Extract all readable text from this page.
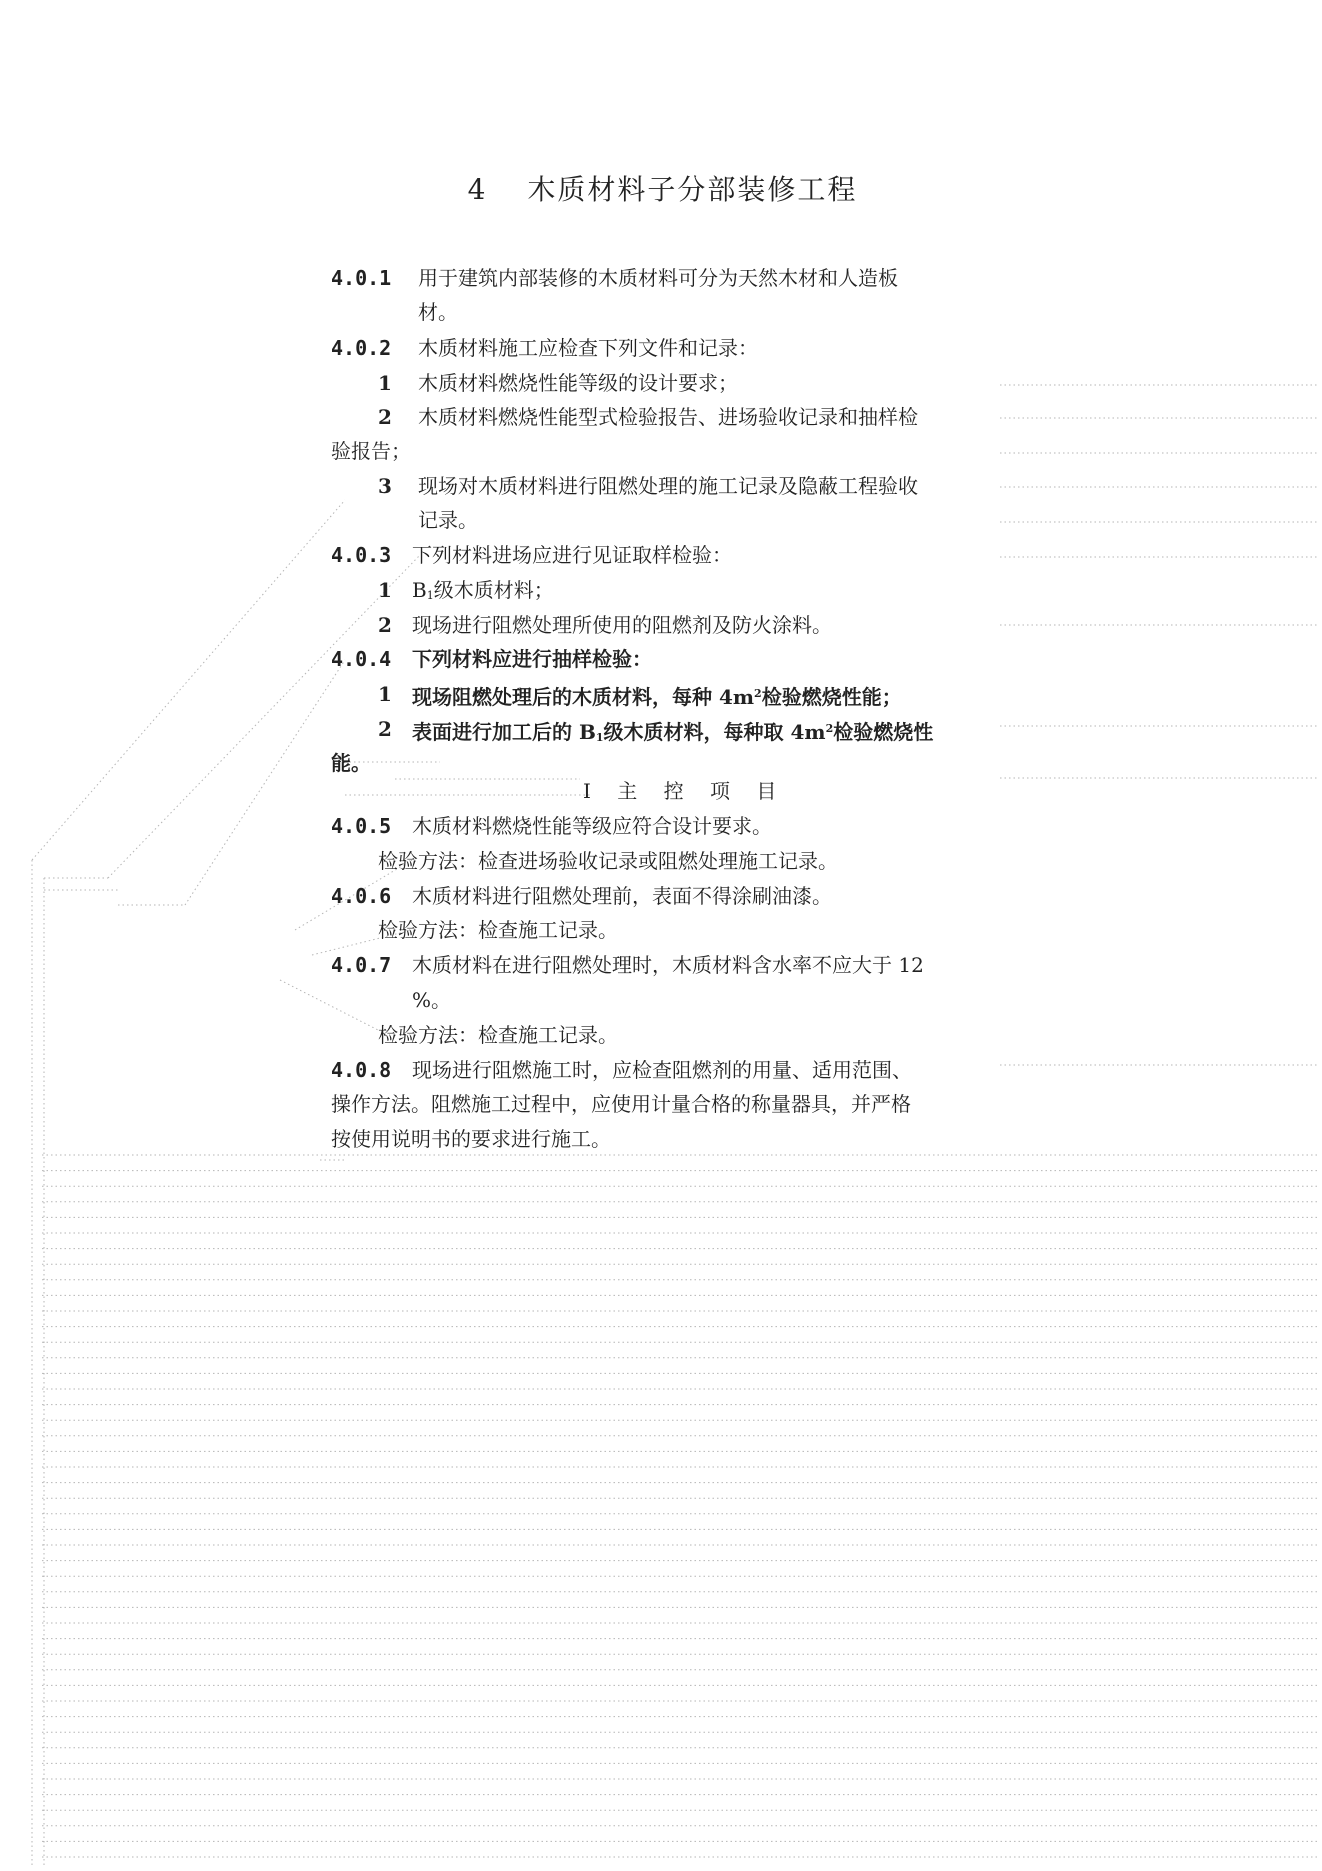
4 木质材料子分部装修工程
4.0.1 用于建筑内部装修的木质材料可分为天然木材和人造板
材。
4.0.2 木质材料施工应检查下列文件和记录：
1 木质材料燃烧性能等级的设计要求；
2 木质材料燃烧性能型式检验报告、进场验收记录和抽样检
验报告；
3 现场对木质材料进行阻燃处理的施工记录及隐蔽工程验收
记录。
4.0.3 下列材料进场应进行见证取样检验：
1 $B_1$级木质材料；
2 现场进行阻燃处理所使用的阻燃剂及防火涂料。
4.0.4 下列材料应进行抽样检验：
1 现场阻燃处理后的木质材料，每种 $4m^2$检验燃烧性能；
2 表面进行加工后的 $B_1$级木质材料，每种取 $4m^2$检验燃烧性
能。
I 主 控 项 目
4.0.5 木质材料燃烧性能等级应符合设计要求。
检验方法：检查进场验收记录或阻燃处理施工记录。
4.0.6 木质材料进行阻燃处理前，表面不得涂刷油漆。
检验方法：检查施工记录。
4.0.7 木质材料在进行阻燃处理时，木质材料含水率不应大于 12
%。
检验方法：检查施工记录。
4.0.8 现场进行阻燃施工时，应检查阻燃剂的用量、适用范围、
操作方法。阻燃施工过程中，应使用计量合格的称量器具，并严格
按使用说明书的要求进行施工。
